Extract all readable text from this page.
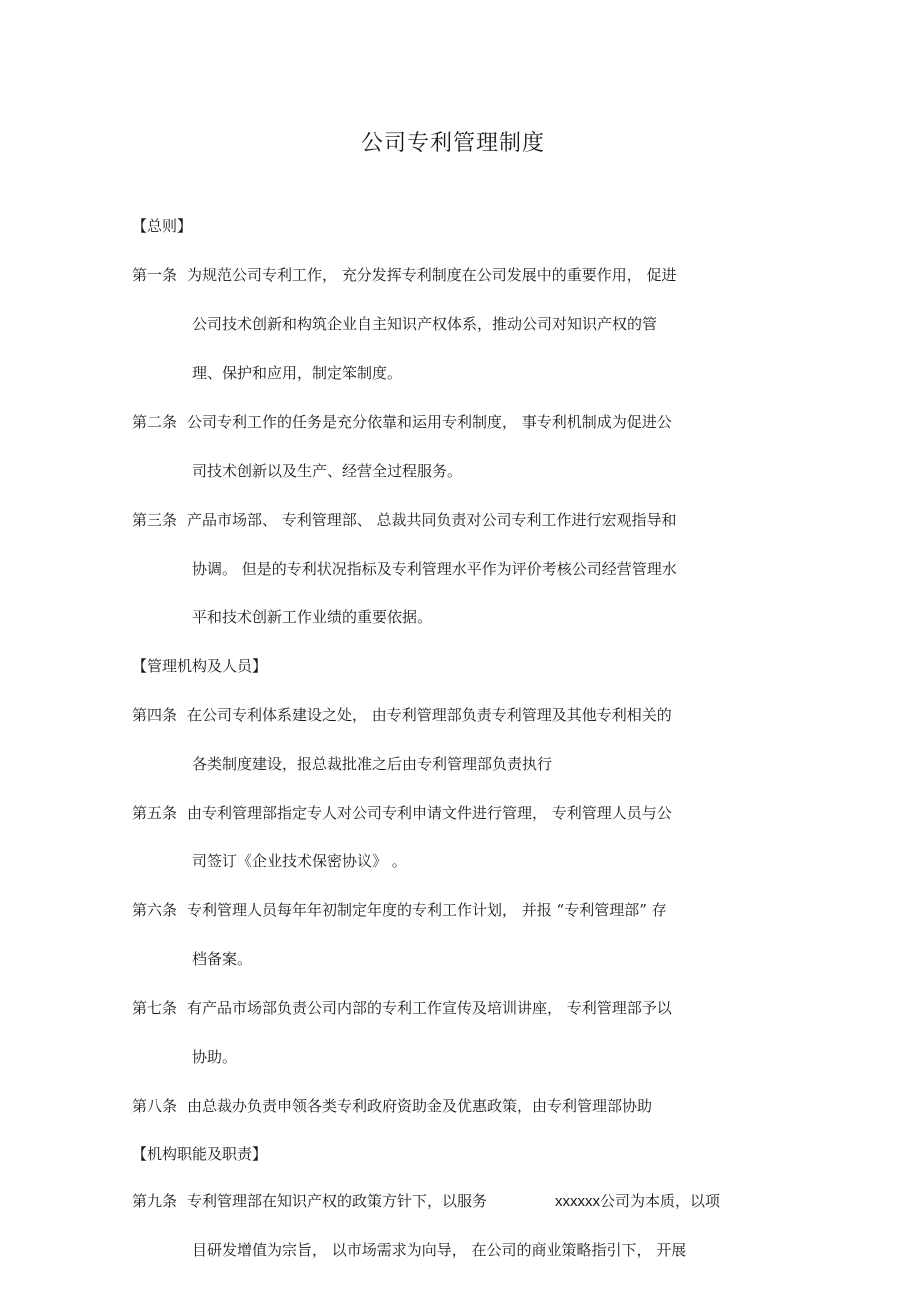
公司专利管理制度
【总则】
第一条 为规范公司专利工作， 充分发挥专利制度在公司发展中的重要作用， 促进
公司技术创新和构筑企业自主知识产权体系，推动公司对知识产权的管
理、保护和应用，制定笨制度。
第二条 公司专利工作的任务是充分依靠和运用专利制度， 事专利机制成为促进公
司技术创新以及生产、经营全过程服务。
第三条 产品市场部、 专利管理部、 总裁共同负责对公司专利工作进行宏观指导和
协调。 但是的专利状况指标及专利管理水平作为评价考核公司经营管理水
平和技术创新工作业绩的重要依据。
【管理机构及人员】
第四条 在公司专利体系建设之处， 由专利管理部负责专利管理及其他专利相关的
各类制度建设，报总裁批准之后由专利管理部负责执行
第五条 由专利管理部指定专人对公司专利申请文件进行管理， 专利管理人员与公
司签订《企业技术保密协议》 。
第六条 专利管理人员每年年初制定年度的专利工作计划， 并报 “专利管理部” 存
档备案。
第七条 有产品市场部负责公司内部的专利工作宣传及培训讲座， 专利管理部予以
协助。
第八条 由总裁办负责申领各类专利政府资助金及优惠政策，由专利管理部协助
【机构职能及职责】
第九条 专利管理部在知识产权的政策方针下，以服务	xxxxxx公司为本质，以项
目研发增值为宗旨， 以市场需求为向导， 在公司的商业策略指引下， 开展
